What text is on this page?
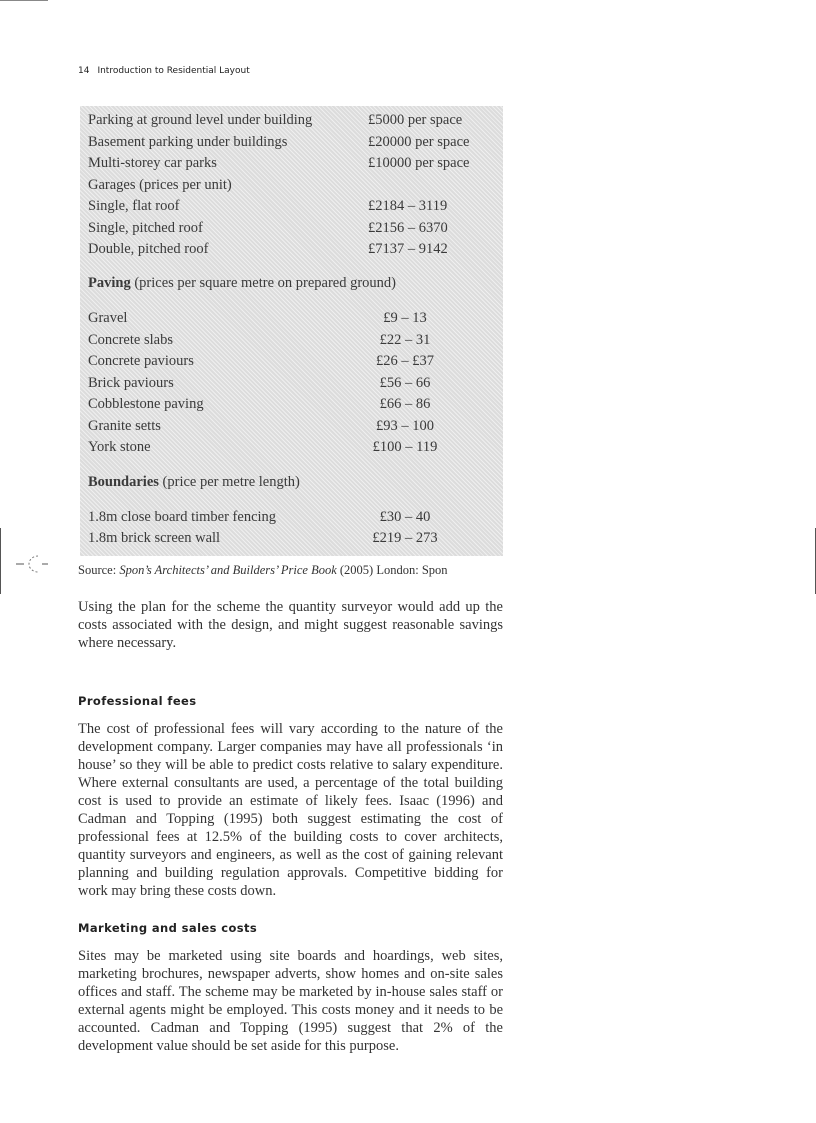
14 Introduction to Residential Layout
Parking at ground level under building	£5000 per space
Basement parking under buildings	£20000 per space
Multi-storey car parks	£10000 per space
Garages (prices per unit)
Single, flat roof	£2184 – 3119
Single, pitched roof	£2156 – 6370
Double, pitched roof	£7137 – 9142
Paving (prices per square metre on prepared ground)
Gravel	£9 – 13
Concrete slabs	£22 – 31
Concrete paviours	£26 – £37
Brick paviours	£56 – 66
Cobblestone paving	£66 – 86
Granite setts	£93 – 100
York stone	£100 – 119
Boundaries (price per metre length)
1.8m close board timber fencing	£30 – 40
1.8m brick screen wall	£219 – 273
Source: Spon’s Architects’ and Builders’ Price Book (2005) London: Spon

Using the plan for the scheme the quantity surveyor would add up the costs associated with the design, and might suggest reasonable savings where necessary.

Professional fees

The cost of professional fees will vary according to the nature of the development company. Larger companies may have all professionals ‘in house’ so they will be able to predict costs relative to salary expenditure. Where external consultants are used, a percentage of the total building cost is used to provide an estimate of likely fees. Isaac (1996) and Cadman and Topping (1995) both suggest estimating the cost of professional fees at 12.5% of the building costs to cover architects, quantity surveyors and engineers, as well as the cost of gaining relevant planning and building regulation approvals. Competitive bidding for work may bring these costs down.

Marketing and sales costs

Sites may be marketed using site boards and hoardings, web sites, marketing brochures, newspaper adverts, show homes and on-site sales offices and staff. The scheme may be marketed by in-house sales staff or external agents might be employed. This costs money and it needs to be accounted. Cadman and Topping (1995) suggest that 2% of the development value should be set aside for this purpose.
